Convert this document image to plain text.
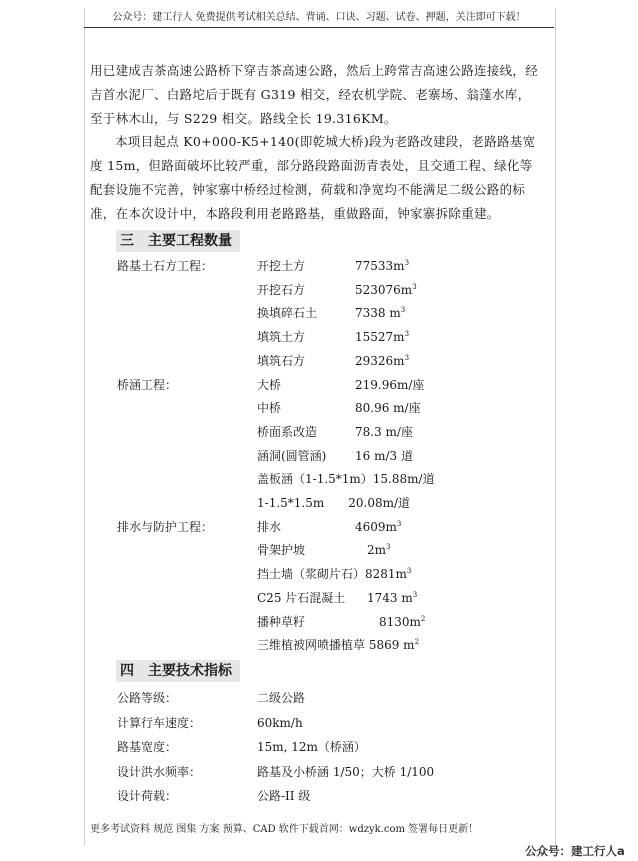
公众号：建工行人 免费提供考试相关总结、背诵、口诀、习题、试卷、押题，关注即可下载！
用已建成吉茶高速公路桥下穿吉茶高速公路，然后上跨常吉高速公路连接线，经吉首水泥厂、白路坨后于既有 G319 相交，经农机学院、老寨场、翁蓬水库，至于林木山，与 S229 相交。路线全长 19.316KM。
本项目起点 K0+000-K5+140(即乾城大桥)段为老路改建段，老路路基宽度 15m，但路面破坏比较严重，部分路段路面沥青表处，且交通工程、绿化等配套设施不完善，钟家寨中桥经过检测，荷载和净宽均不能满足二级公路的标准，在本次设计中，本路段利用老路路基，重做路面，钟家寨拆除重建。
三　主要工程数量
路基土石方工程：	开挖土方	$77533m^3$
开挖石方	$523076m^3$
换填碎石土	7338 $m^3$
填筑土方	$15527m^3$
填筑石方	$29326m^3$
桥涵工程：	大桥	219.96m/座
中桥	80.96 m/座
桥面系改造	78.3 m/座
涵洞(圆管涵) 16 m/3 道
盖板涵（1-1.5*1m）15.88m/道
1-1.5*1.5m　　20.08m/道
排水与防护工程：	排水	$4609m^3$
骨架护坡	　$2m^3$
挡土墙（浆砌片石）$8281m^3$
C25 片石混凝土 　1743 $m^3$
播种草籽	　　$8130m^2$
三维植被网喷播植草 5869 $m^2$
四　主要技术指标
公路等级：	二级公路
计算行车速度：	60km/h
路基宽度：	15m, 12m（桥涵）
设计洪水频率：	路基及小桥涵 1/50；大桥 1/100
设计荷载：	公路-II 级
更多考试资料 规范 图集 方案 预算、CAD 软件下载首网：wdzyk.com 签署每日更新！
公众号：建工行人a
